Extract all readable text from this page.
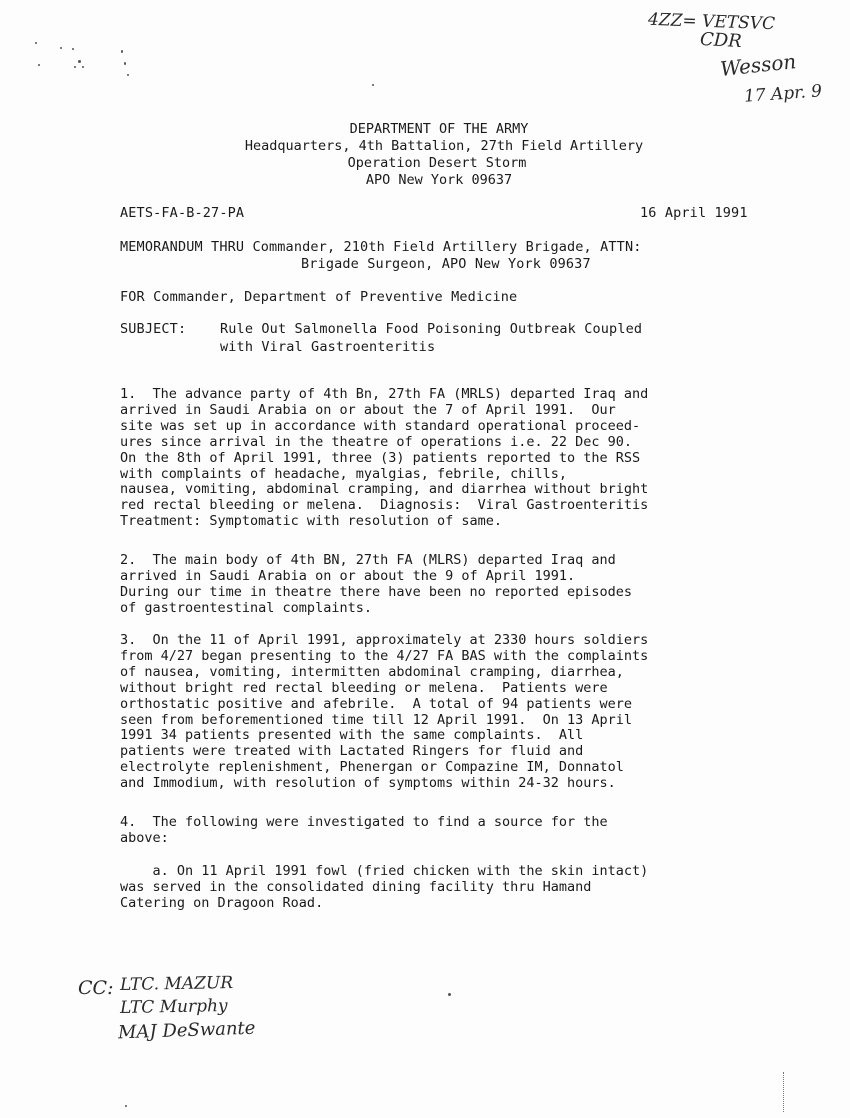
4ZZ= VETSVC
CDR
Wesson
17 Apr. 9
DEPARTMENT OF THE ARMY
Headquarters, 4th Battalion, 27th Field Artillery
Operation Desert Storm
APO New York 09637
AETS-FA-B-27-PA	16 April 1991
MEMORANDUM THRU Commander, 210th Field Artillery Brigade, ATTN:
Brigade Surgeon, APO New York 09637
FOR Commander, Department of Preventive Medicine
SUBJECT:	Rule Out Salmonella Food Poisoning Outbreak Coupled
with Viral Gastroenteritis
1.  The advance party of 4th Bn, 27th FA (MRLS) departed Iraq and
arrived in Saudi Arabia on or about the 7 of April 1991.  Our
site was set up in accordance with standard operational proceed-
ures since arrival in the theatre of operations i.e. 22 Dec 90.
On the 8th of April 1991, three (3) patients reported to the RSS
with complaints of headache, myalgias, febrile, chills,
nausea, vomiting, abdominal cramping, and diarrhea without bright
red rectal bleeding or melena.  Diagnosis:  Viral Gastroenteritis
Treatment: Symptomatic with resolution of same.
2.  The main body of 4th BN, 27th FA (MLRS) departed Iraq and
arrived in Saudi Arabia on or about the 9 of April 1991.
During our time in theatre there have been no reported episodes
of gastroentestinal complaints.
3.  On the 11 of April 1991, approximately at 2330 hours soldiers
from 4/27 began presenting to the 4/27 FA BAS with the complaints
of nausea, vomiting, intermitten abdominal cramping, diarrhea,
without bright red rectal bleeding or melena.  Patients were
orthostatic positive and afebrile.  A total of 94 patients were
seen from beforementioned time till 12 April 1991.  On 13 April
1991 34 patients presented with the same complaints.  All
patients were treated with Lactated Ringers for fluid and
electrolyte replenishment, Phenergan or Compazine IM, Donnatol
and Immodium, with resolution of symptoms within 24-32 hours.
4.  The following were investigated to find a source for the
above:
a. On 11 April 1991 fowl (fried chicken with the skin intact)
was served in the consolidated dining facility thru Hamand
Catering on Dragoon Road.
CC: LTC. MAZUR
LTC Murphy
MAJ DeSwante
